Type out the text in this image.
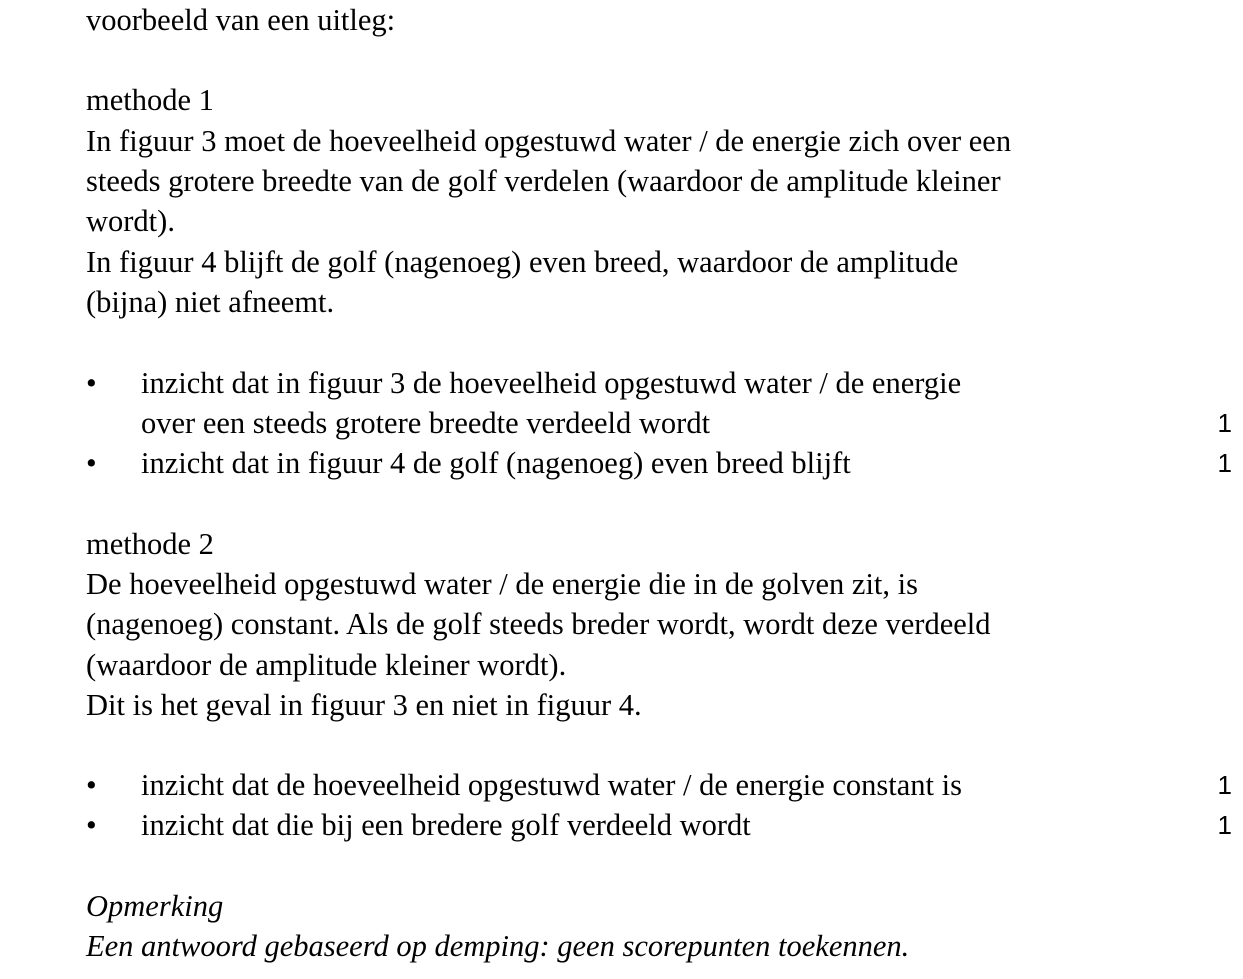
voorbeeld van een uitleg:
methode 1
In figuur 3 moet de hoeveelheid opgestuwd water / de energie zich over een
steeds grotere breedte van de golf verdelen (waardoor de amplitude kleiner
wordt).
In figuur 4 blijft de golf (nagenoeg) even breed, waardoor de amplitude
(bijna) niet afneemt.
• inzicht dat in figuur 3 de hoeveelheid opgestuwd water / de energie
over een steeds grotere breedte verdeeld wordt	1
• inzicht dat in figuur 4 de golf (nagenoeg) even breed blijft	1
methode 2
De hoeveelheid opgestuwd water / de energie die in de golven zit, is
(nagenoeg) constant. Als de golf steeds breder wordt, wordt deze verdeeld
(waardoor de amplitude kleiner wordt).
Dit is het geval in figuur 3 en niet in figuur 4.
• inzicht dat de hoeveelheid opgestuwd water / de energie constant is	1
• inzicht dat die bij een bredere golf verdeeld wordt	1
Opmerking
Een antwoord gebaseerd op demping: geen scorepunten toekennen.
